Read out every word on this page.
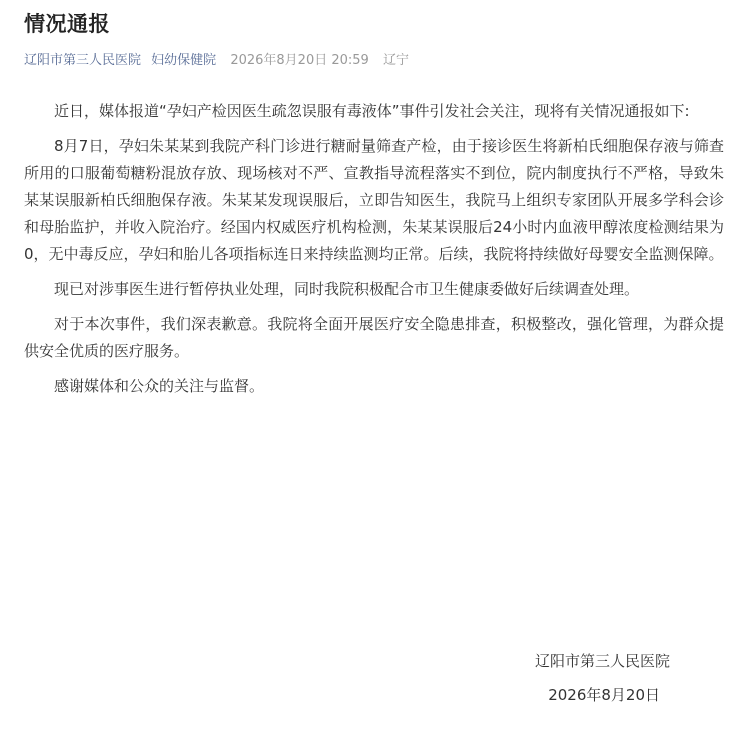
情况通报
辽阳市第三人民医院 妇幼保健院 2026年8月20日 20:59 辽宁

近日，媒体报道“孕妇产检因医生疏忽误服有毒液体”事件引发社会关注，现将有关情况通报如下:

8月7日，孕妇朱某某到我院产科门诊进行糖耐量筛查产检，由于接诊医生将新柏氏细胞保存液与筛查所用的口服葡萄糖粉混放存放、现场核对不严、宣教指导流程落实不到位，院内制度执行不严格，导致朱某某误服新柏氏细胞保存液。朱某某发现误服后，立即告知医生，我院马上组织专家团队开展多学科会诊和母胎监护，并收入院治疗。经国内权威医疗机构检测，朱某某误服后24小时内血液甲醇浓度检测结果为0，无中毒反应，孕妇和胎儿各项指标连日来持续监测均正常。后续，我院将持续做好母婴安全监测保障。

现已对涉事医生进行暂停执业处理，同时我院积极配合市卫生健康委做好后续调查处理。

对于本次事件，我们深表歉意。我院将全面开展医疗安全隐患排查，积极整改，强化管理，为群众提供安全优质的医疗服务。

感谢媒体和公众的关注与监督。

辽阳市第三人民医院
2026年8月20日
